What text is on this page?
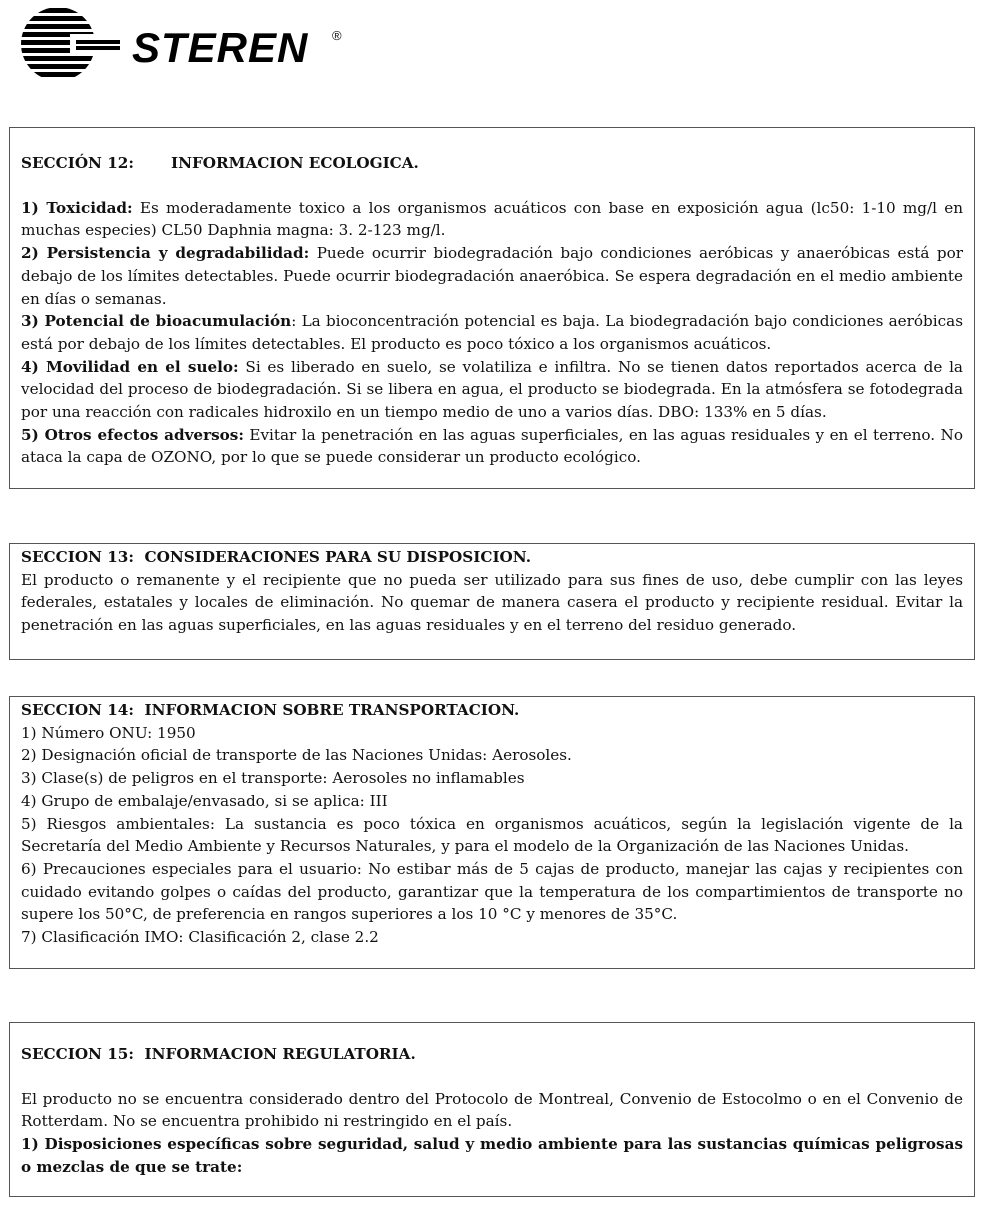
STEREN ®

SECCIÓN 12: INFORMACION ECOLOGICA.

1) Toxicidad: Es moderadamente toxico a los organismos acuáticos con base en exposición agua (lc50: 1-10 mg/l en muchas especies) CL50 Daphnia magna: 3. 2-123 mg/l.

2) Persistencia y degradabilidad: Puede ocurrir biodegradación bajo condiciones aeróbicas y anaeróbicas está por debajo de los límites detectables. Puede ocurrir biodegradación anaeróbica. Se espera degradación en el medio ambiente en días o semanas.

3) Potencial de bioacumulación: La bioconcentración potencial es baja. La biodegradación bajo condiciones aeróbicas está por debajo de los límites detectables. El producto es poco tóxico a los organismos acuáticos.

4) Movilidad en el suelo: Si es liberado en suelo, se volatiliza e infiltra. No se tienen datos reportados acerca de la velocidad del proceso de biodegradación. Si se libera en agua, el producto se biodegrada. En la atmósfera se fotodegrada por una reacción con radicales hidroxilo en un tiempo medio de uno a varios días. DBO: 133% en 5 días.

5) Otros efectos adversos: Evitar la penetración en las aguas superficiales, en las aguas residuales y en el terreno. No ataca la capa de OZONO, por lo que se puede considerar un producto ecológico.

SECCION 13: CONSIDERACIONES PARA SU DISPOSICION.

El producto o remanente y el recipiente que no pueda ser utilizado para sus fines de uso, debe cumplir con las leyes federales, estatales y locales de eliminación. No quemar de manera casera el producto y recipiente residual. Evitar la penetración en las aguas superficiales, en las aguas residuales y en el terreno del residuo generado.

SECCION 14: INFORMACION SOBRE TRANSPORTACION.

1) Número ONU: 1950

2) Designación oficial de transporte de las Naciones Unidas: Aerosoles.

3) Clase(s) de peligros en el transporte: Aerosoles no inflamables

4) Grupo de embalaje/envasado, si se aplica: III

5) Riesgos ambientales: La sustancia es poco tóxica en organismos acuáticos, según la legislación vigente de la Secretaría del Medio Ambiente y Recursos Naturales, y para el modelo de la Organización de las Naciones Unidas.

6) Precauciones especiales para el usuario: No estibar más de 5 cajas de producto, manejar las cajas y recipientes con cuidado evitando golpes o caídas del producto, garantizar que la temperatura de los compartimientos de transporte no supere los 50°C, de preferencia en rangos superiores a los 10 °C y menores de 35°C.

7) Clasificación IMO: Clasificación 2, clase 2.2

SECCION 15: INFORMACION REGULATORIA.

El producto no se encuentra considerado dentro del Protocolo de Montreal, Convenio de Estocolmo o en el Convenio de Rotterdam. No se encuentra prohibido ni restringido en el país.

1) Disposiciones específicas sobre seguridad, salud y medio ambiente para las sustancias químicas peligrosas o mezclas de que se trate:
